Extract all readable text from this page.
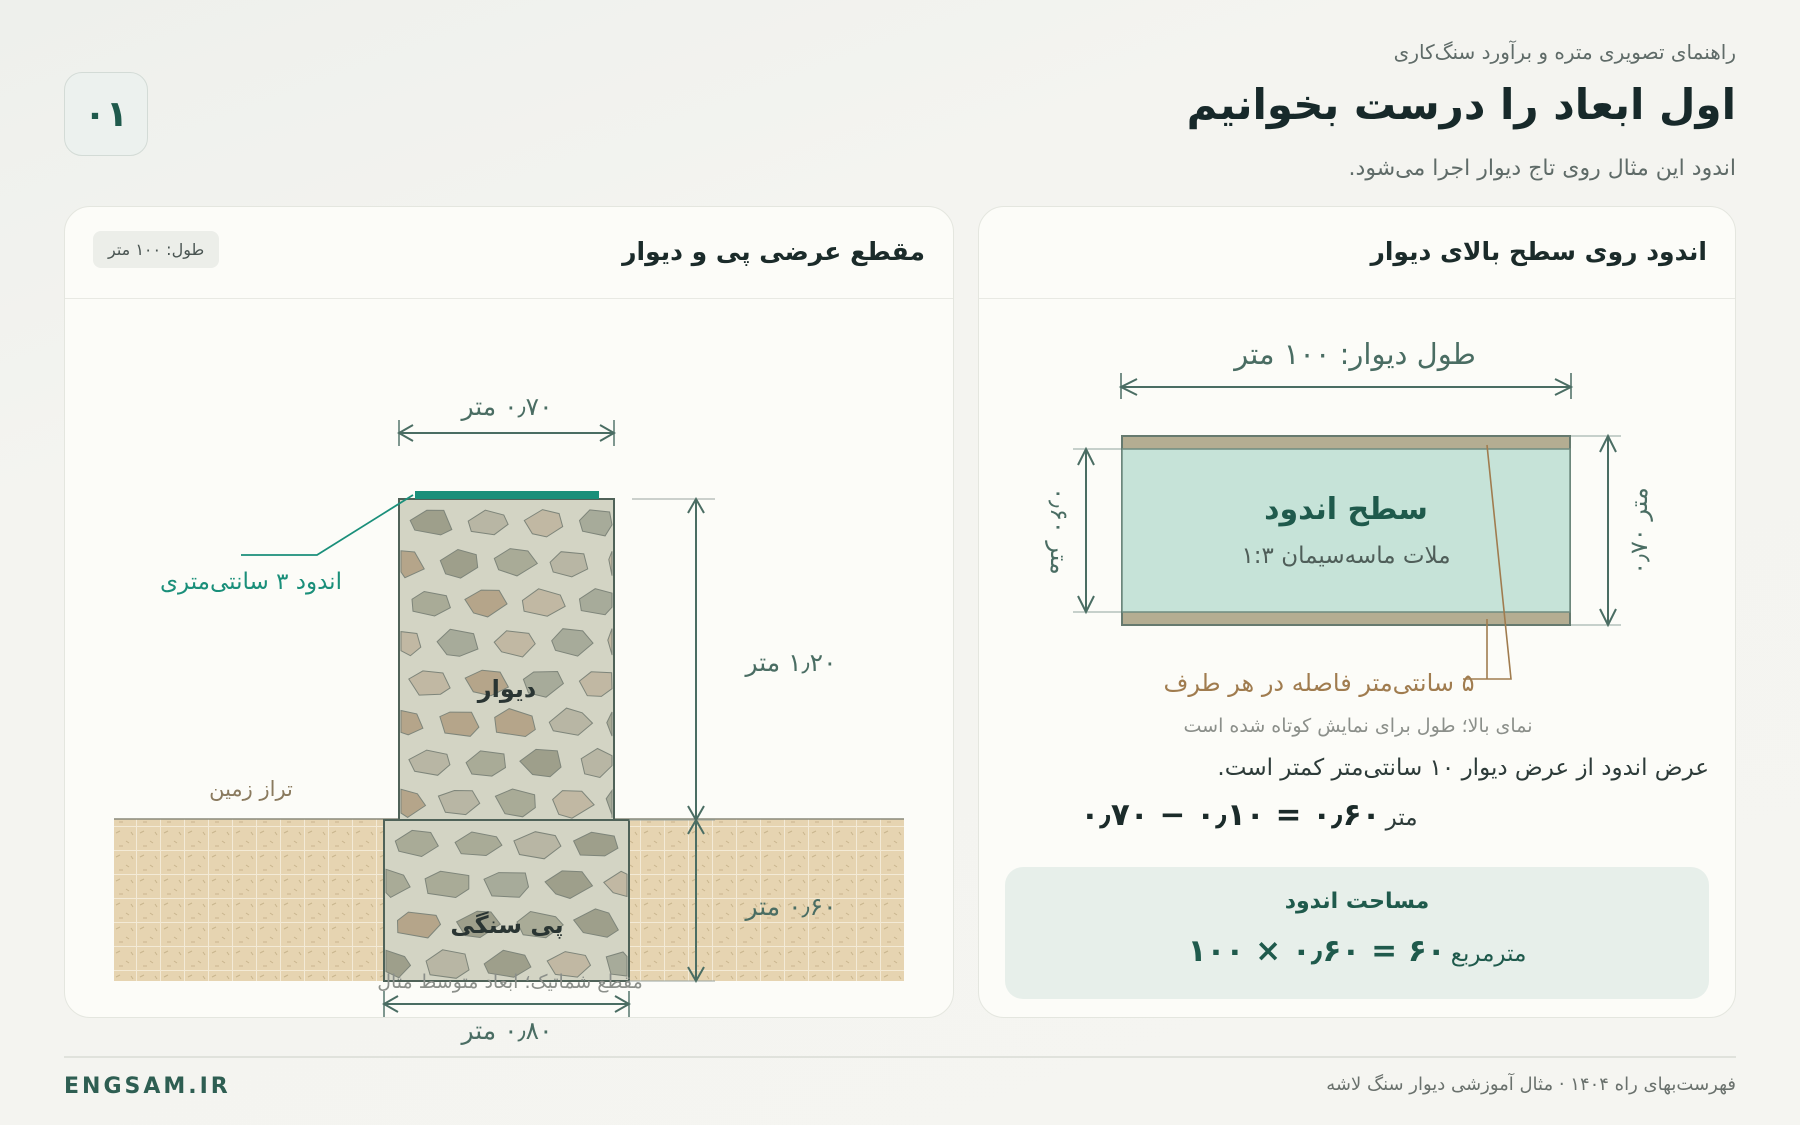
راهنمای تصویری متره و برآورد سنگ‌کاری
اول ابعاد را درست بخوانیم
اندود این مثال روی تاج دیوار اجرا می‌شود.
۰۱
اندود روی سطح بالای دیوار
طول دیوار: ۱۰۰ متر
سطح اندود
ملات ماسه‌سیمان ۱:۳
۰٫۶۰ متر	۰٫۷۰ متر
۵ سانتی‌متر فاصله در هر طرف
نمای بالا؛ طول برای نمایش کوتاه شده است
عرض اندود از عرض دیوار ۱۰ سانتی‌متر کمتر است.
متر ۰٫۷۰ − ۰٫۱۰ = ۰٫۶۰
مساحت اندود
مترمربع ۱۰۰ × ۰٫۶۰ = ۶۰
مقطع عرضی پی و دیوار
طول: ۱۰۰ متر
تراز زمین
دیوار
پی سنگی
اندود ۳ سانتی‌متری
۰٫۷۰ متر
۱٫۲۰ متر
۰٫۶۰ متر
۰٫۸۰ متر
مقطع شماتیک؛ ابعاد متوسط مثال
ENGSAM.IR	فهرست‌بهای راه ۱۴۰۴ · مثال آموزشی دیوار سنگ لاشه
